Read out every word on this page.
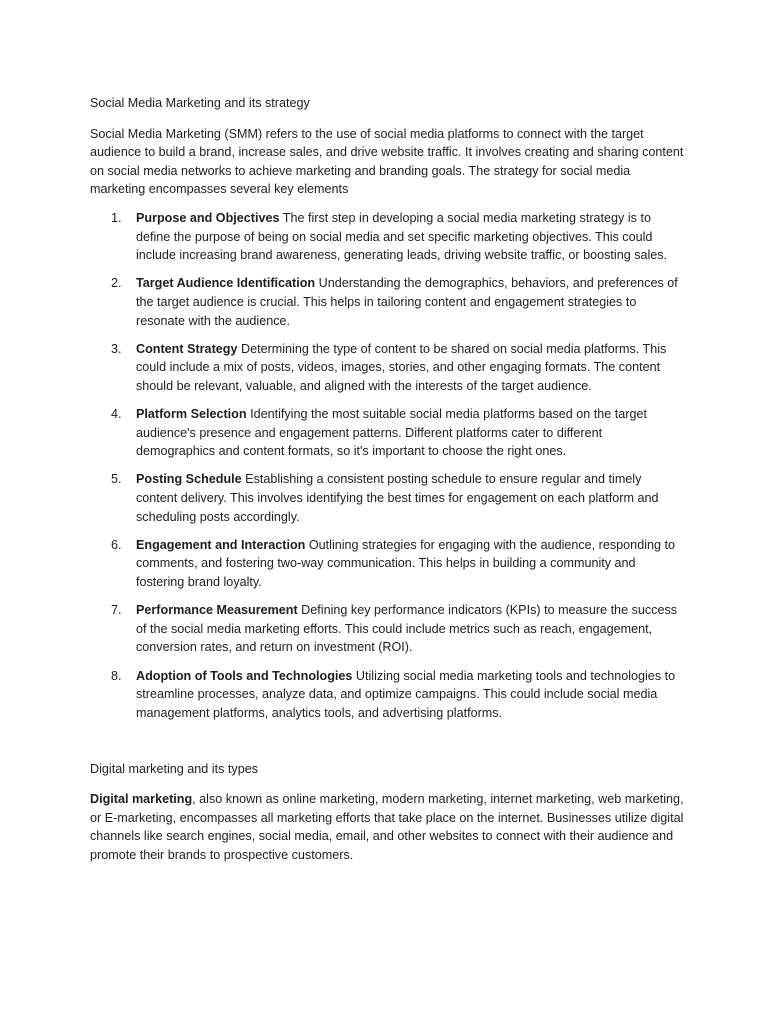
Social Media Marketing and its strategy

Social Media Marketing (SMM) refers to the use of social media platforms to connect with the target audience to build a brand, increase sales, and drive website traffic. It involves creating and sharing content on social media networks to achieve marketing and branding goals. The strategy for social media marketing encompasses several key elements

1. Purpose and Objectives The first step in developing a social media marketing strategy is to define the purpose of being on social media and set specific marketing objectives. This could include increasing brand awareness, generating leads, driving website traffic, or boosting sales.
2. Target Audience Identification Understanding the demographics, behaviors, and preferences of the target audience is crucial. This helps in tailoring content and engagement strategies to resonate with the audience.
3. Content Strategy Determining the type of content to be shared on social media platforms. This could include a mix of posts, videos, images, stories, and other engaging formats. The content should be relevant, valuable, and aligned with the interests of the target audience.
4. Platform Selection Identifying the most suitable social media platforms based on the target audience's presence and engagement patterns. Different platforms cater to different demographics and content formats, so it's important to choose the right ones.
5. Posting Schedule Establishing a consistent posting schedule to ensure regular and timely content delivery. This involves identifying the best times for engagement on each platform and scheduling posts accordingly.
6. Engagement and Interaction Outlining strategies for engaging with the audience, responding to comments, and fostering two-way communication. This helps in building a community and fostering brand loyalty.
7. Performance Measurement Defining key performance indicators (KPIs) to measure the success of the social media marketing efforts. This could include metrics such as reach, engagement, conversion rates, and return on investment (ROI).
8. Adoption of Tools and Technologies Utilizing social media marketing tools and technologies to streamline processes, analyze data, and optimize campaigns. This could include social media management platforms, analytics tools, and advertising platforms.

Digital marketing and its types

Digital marketing, also known as online marketing, modern marketing, internet marketing, web marketing, or E-marketing, encompasses all marketing efforts that take place on the internet. Businesses utilize digital channels like search engines, social media, email, and other websites to connect with their audience and promote their brands to prospective customers.
